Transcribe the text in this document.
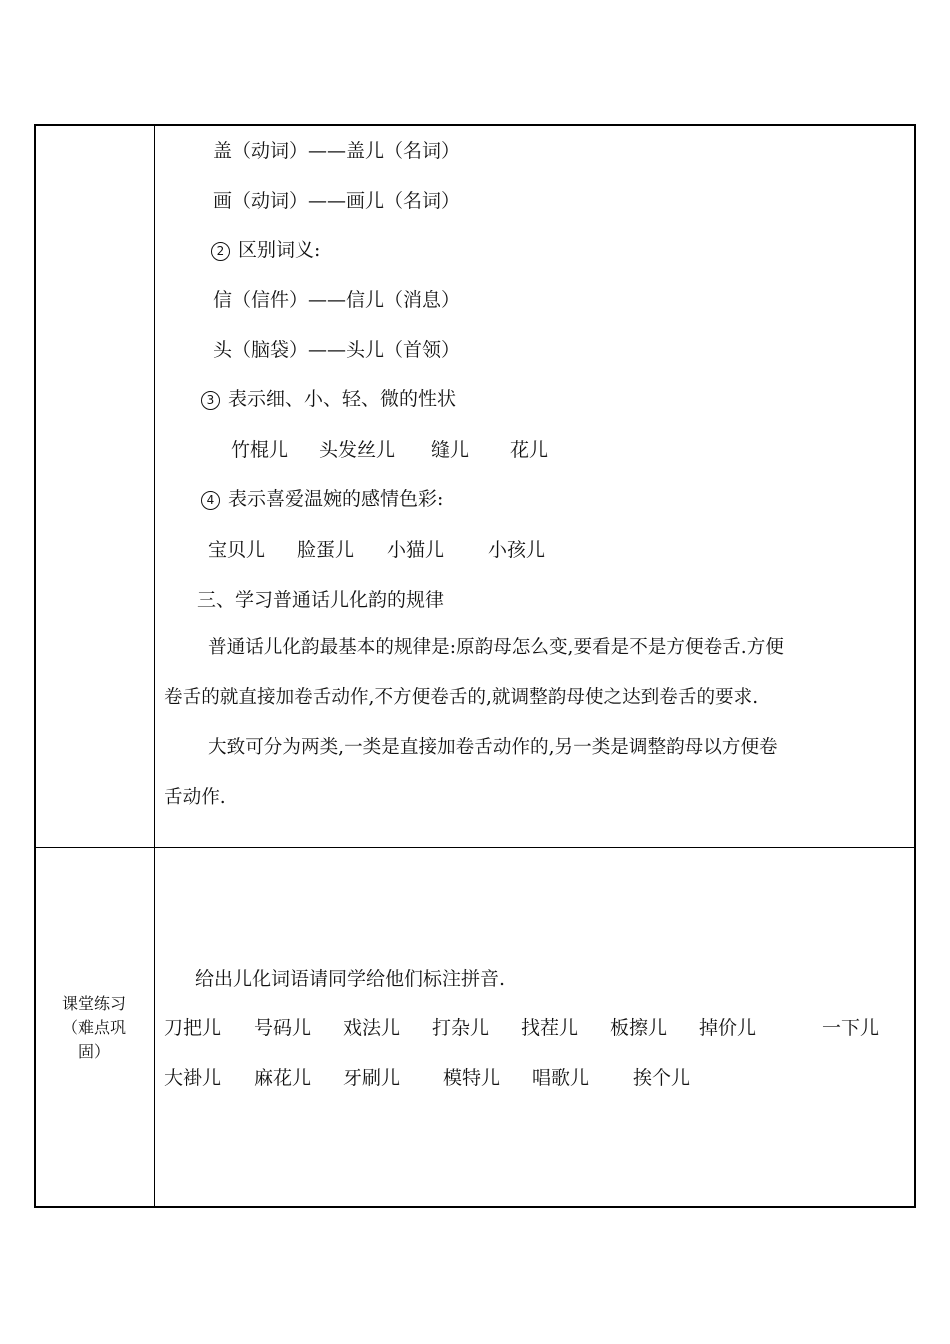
盖（动词）——盖儿（名词）
画（动词）——画儿（名词）
2 区别词义:
信（信件）——信儿（消息）
头（脑袋）——头儿（首领）
3 表示细、小、轻、微的性状
竹棍儿 头发丝儿 缝儿 花儿
4 表示喜爱温婉的感情色彩:
宝贝儿 脸蛋儿 小猫儿 小孩儿
三、学习普通话儿化韵的规律
普通话儿化韵最基本的规律是:原韵母怎么变,要看是不是方便卷舌.方便
卷舌的就直接加卷舌动作,不方便卷舌的,就调整韵母使之达到卷舌的要求.
大致可分为两类,一类是直接加卷舌动作的,另一类是调整韵母以方便卷
舌动作.
课堂练习
（难点巩
固）
给出儿化词语请同学给他们标注拼音.
刀把儿 号码儿 戏法儿 打杂儿 找茬儿 板擦儿 掉价儿	一下儿
大褂儿 麻花儿 牙刷儿 模特儿 唱歌儿 挨个儿
